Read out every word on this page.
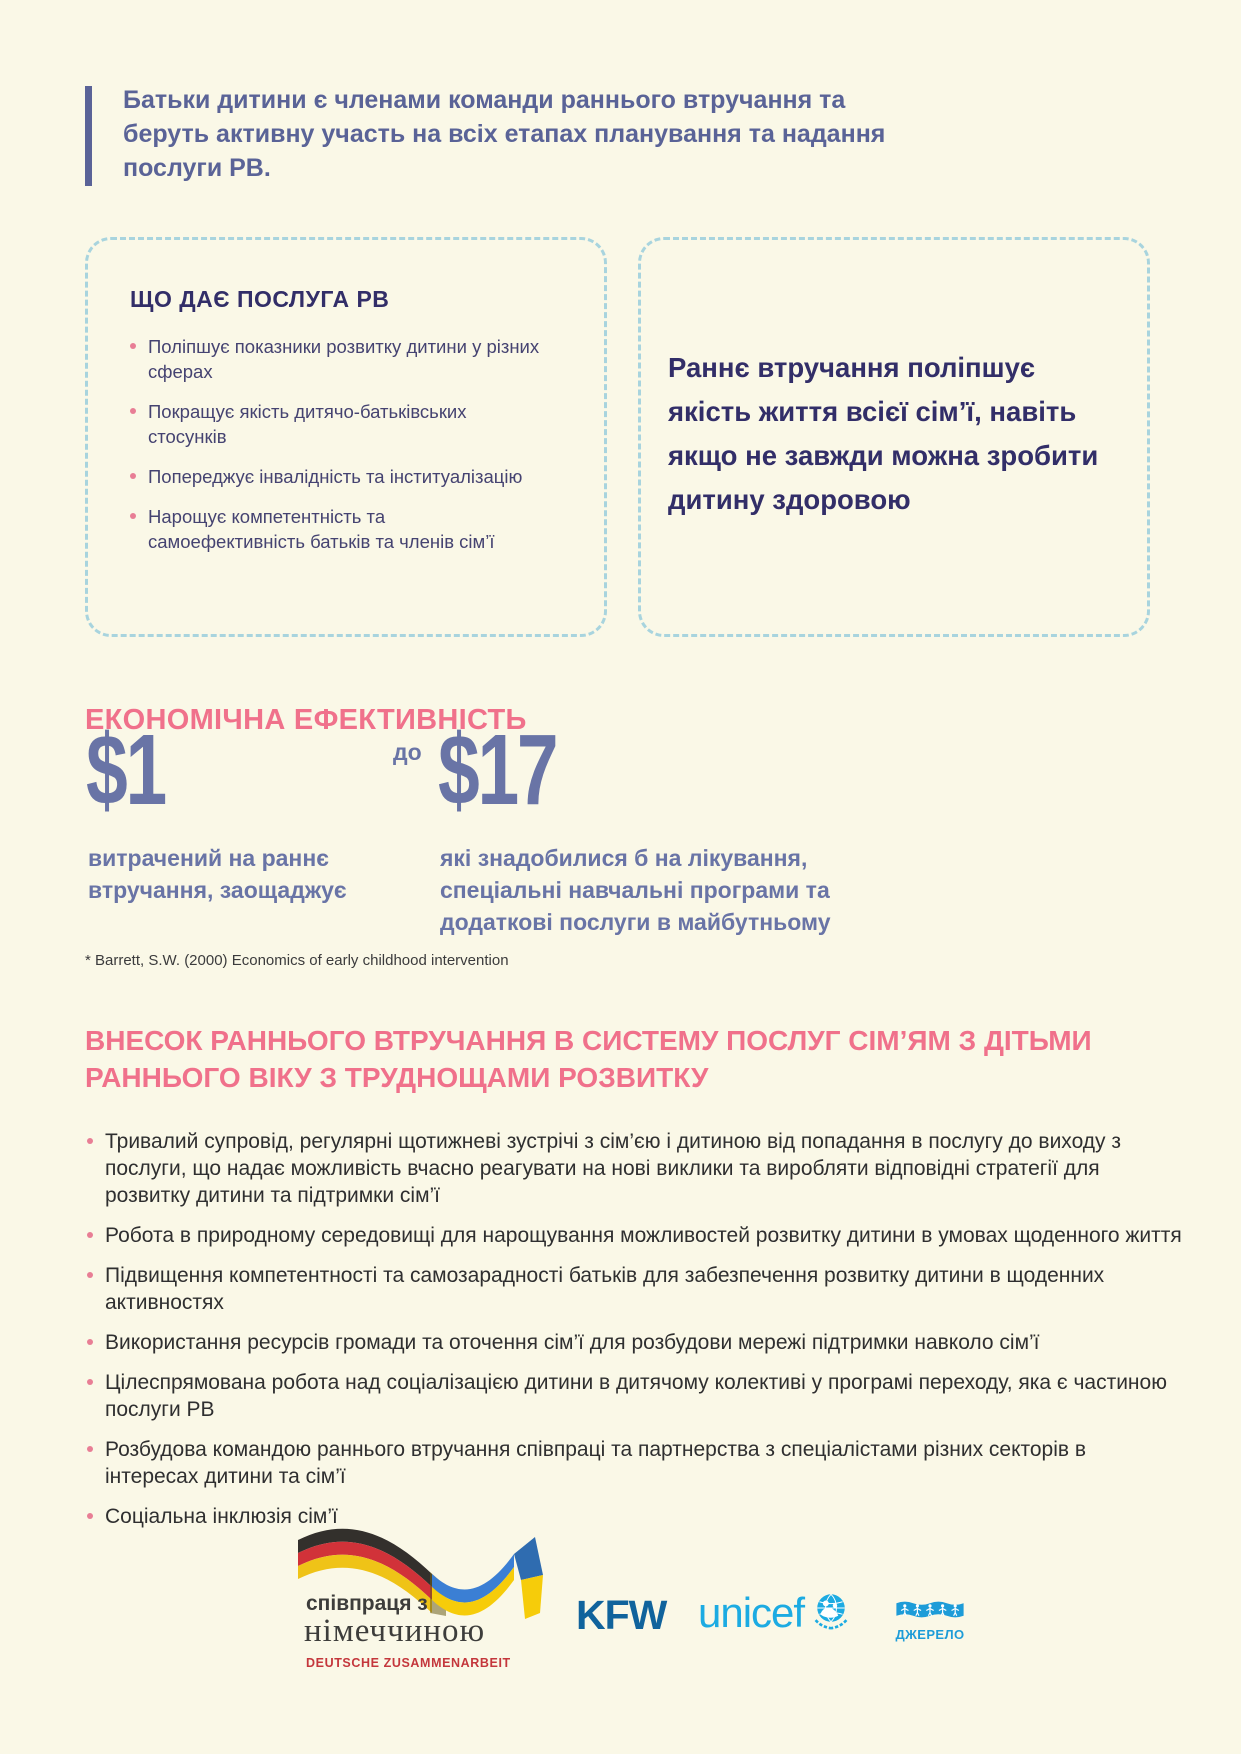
Батьки дитини є членами команди раннього втручання та беруть активну участь на всіх етапах планування та надання послуги РВ.
ЩО ДАЄ ПОСЛУГА РВ
Поліпшує показники розвитку дитини у різних сферах
Покращує якість дитячо-батьківських стосунків
Попереджує інвалідність та інституалізацію
Нарощує компетентність та самоефективність батьків та членів сім’ї

Раннє втручання поліпшує якість життя всієї сім’ї, навіть якщо не завжди можна зробити дитину здоровою

ЕКОНОМІЧНА ЕФЕКТИВНІСТЬ
$1	до $17

витрачений на раннє втручання, заощаджує

які знадобилися б на лікування, спеціальні навчальні програми та додаткові послуги в майбутньому

* Barrett, S.W. (2000) Economics of early childhood intervention

ВНЕСОК РАННЬОГО ВТРУЧАННЯ В СИСТЕМУ ПОСЛУГ СІМ’ЯМ З ДІТЬМИ РАННЬОГО ВІКУ З ТРУДНОЩАМИ РОЗВИТКУ
Тривалий супровід, регулярні щотижневі зустрічі з сім’єю і дитиною від попадання в послугу до виходу з послуги, що надає можливість вчасно реагувати на нові виклики та виробляти відповідні стратегії для розвитку дитини та підтримки сім’ї
Робота в природному середовищі для нарощування можливостей розвитку дитини в умовах щоденного життя
Підвищення компетентності та самозарадності батьків для забезпечення розвитку дитини в щоденних активностях
Використання ресурсів громади та оточення сім’ї для розбудови мережі підтримки навколо сім’ї
Цілеспрямована робота над соціалізацією дитини в дитячому колективі у програмі переходу, яка є частиною послуги РВ
Розбудова командою раннього втручання співпраці та партнерства з спеціалістами різних секторів в інтересах дитини та сім’ї
Соціальна інклюзія сім’ї
співпраця з
німеччиною
DEUTSCHE ZUSAMMENARBEIT
KFW unicef	ДЖЕРЕЛО
